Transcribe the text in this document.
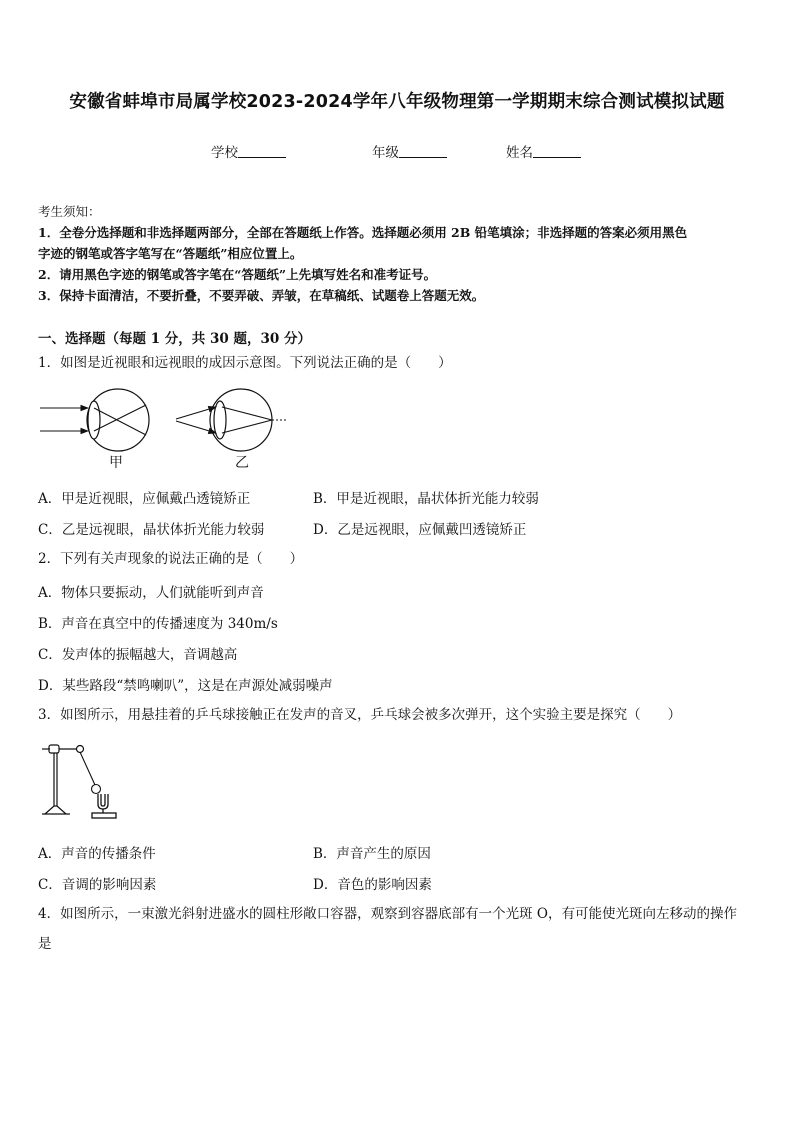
安徽省蚌埠市局属学校2023-2024学年八年级物理第一学期期末综合测试模拟试题
学校	年级	姓名
考生须知：
1．全卷分选择题和非选择题两部分，全部在答题纸上作答。选择题必须用 2B 铅笔填涂；非选择题的答案必须用黑色
字迹的钢笔或答字笔写在“答题纸”相应位置上。
2．请用黑色字迹的钢笔或答字笔在“答题纸”上先填写姓名和准考证号。
3．保持卡面清洁，不要折叠，不要弄破、弄皱，在草稿纸、试题卷上答题无效。
一、选择题（每题 1 分，共 30 题，30 分）
1．如图是近视眼和远视眼的成因示意图。下列说法正确的是（　　）
甲	乙
A．甲是近视眼，应佩戴凸透镜矫正	B．甲是近视眼，晶状体折光能力较弱
C．乙是远视眼，晶状体折光能力较弱	D．乙是远视眼，应佩戴凹透镜矫正
2．下列有关声现象的说法正确的是（　　）
A．物体只要振动，人们就能听到声音
B．声音在真空中的传播速度为 340m/s
C．发声体的振幅越大，音调越高
D．某些路段“禁鸣喇叭”，这是在声源处减弱噪声
3．如图所示，用悬挂着的乒乓球接触正在发声的音叉，乒乓球会被多次弹开，这个实验主要是探究（　　）
A．声音的传播条件	B．声音产生的原因
C．音调的影响因素	D．音色的影响因素
4．如图所示，一束激光斜射进盛水的圆柱形敞口容器，观察到容器底部有一个光斑 O，有可能使光斑向左移动的操作
是
